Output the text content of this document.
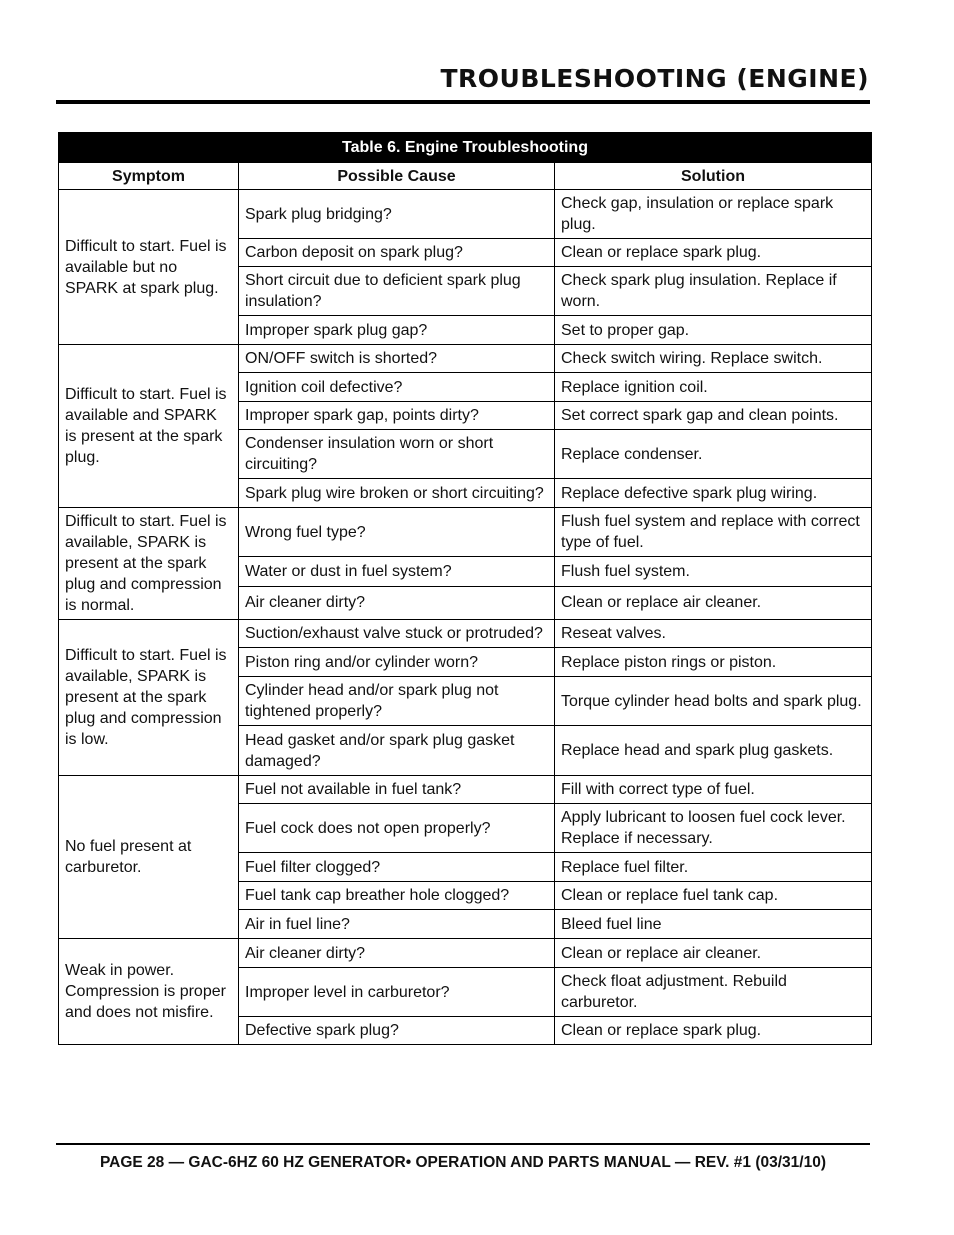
TROUBLESHOOTING (ENGINE)
Table 6. Engine Troubleshooting		
Symptom	Possible Cause	Solution
Difficult to start. Fuel is available but no SPARK at spark plug.	Spark plug bridging?	Check gap, insulation or replace spark plug.
	Carbon deposit on spark plug?	Clean or replace spark plug.
	Short circuit due to deficient spark plug insulation?	Check spark plug insulation. Replace if worn.
	Improper spark plug gap?	Set to proper gap.
Difficult to start. Fuel is available and SPARK is present at the spark plug.	ON/OFF switch is shorted?	Check switch wiring. Replace switch.
	Ignition coil defective?	Replace ignition coil.
	Improper spark gap, points dirty?	Set correct spark gap and clean points.
	Condenser insulation worn or short circuiting?	Replace condenser.
	Spark plug wire broken or short circuiting?	Replace defective spark plug wiring.
Difficult to start. Fuel is available, SPARK is present at the spark plug and compression is normal.	Wrong fuel type?	Flush fuel system and replace with correct type of fuel.
	Water or dust in fuel system?	Flush fuel system.
	Air cleaner dirty?	Clean or replace air cleaner.
Difficult to start. Fuel is available, SPARK is present at the spark plug and compression is low.	Suction/exhaust valve stuck or protruded?	Reseat valves.
	Piston ring and/or cylinder worn?	Replace piston rings or piston.
	Cylinder head and/or spark plug not tightened properly?	Torque cylinder head bolts and spark plug.
	Head gasket and/or spark plug gasket damaged?	Replace head and spark plug gaskets.
No fuel present at carburetor.	Fuel not available in fuel tank?	Fill with correct type of fuel.
	Fuel cock does not open properly?	Apply lubricant to loosen fuel cock lever. Replace if necessary.
	Fuel filter clogged?	Replace fuel filter.
	Fuel tank cap breather hole clogged?	Clean or replace fuel tank cap.
	Air in fuel line?	Bleed fuel line
Weak in power. Compression is proper and does not misfire.	Air cleaner dirty?	Clean or replace air cleaner.
	Improper level in carburetor?	Check float adjustment. Rebuild carburetor.
	Defective spark plug?	Clean or replace spark plug.
PAGE 28 — GAC-6HZ 60 HZ GENERATOR• OPERATION AND PARTS MANUAL — REV. #1 (03/31/10)
